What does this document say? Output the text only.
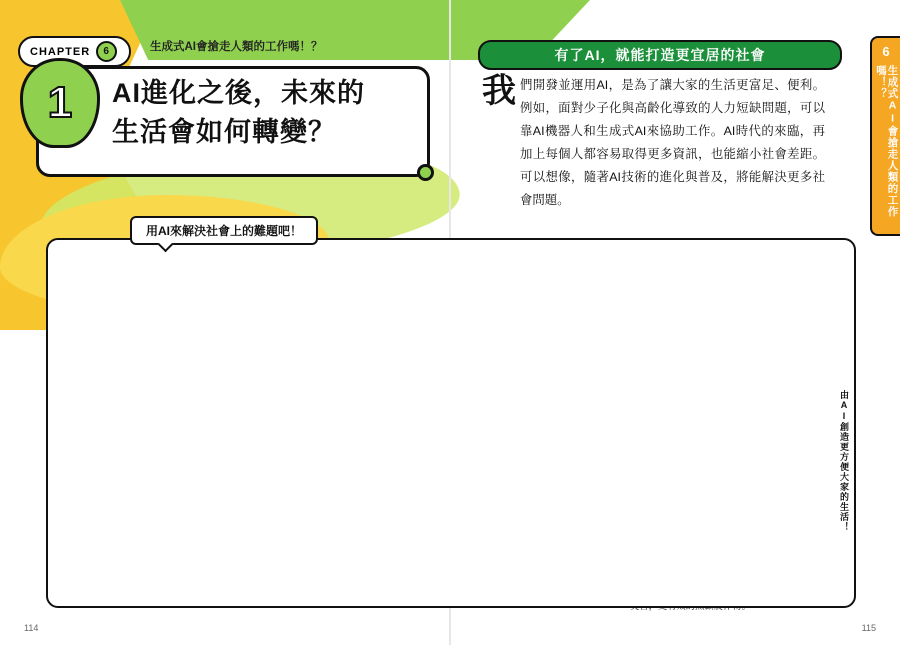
CHAPTER	6	生成式AI會搶走人類的工作嗎！？
1	AI進化之後，未來的
生活會如何轉變？
有了AI，就能打造更宜居的社會	6
生成式AI會搶走人類的工作嗎！？
我 們開發並運用AI，是為了讓大家的生活更富足、便利。例如，面對少子化與高齡化導致的人力短缺問題，可以靠AI機器人和生成式AI來協助工作。AI時代的來臨，再加上每個人都容易取得更多資訊，也能縮小社會差距。可以想像，隨著AI技術的進化與普及，將能解決更多社會問題。
用AI來解決社會上的難題吧！
由AI創造更方便大家的生活！
114	115
